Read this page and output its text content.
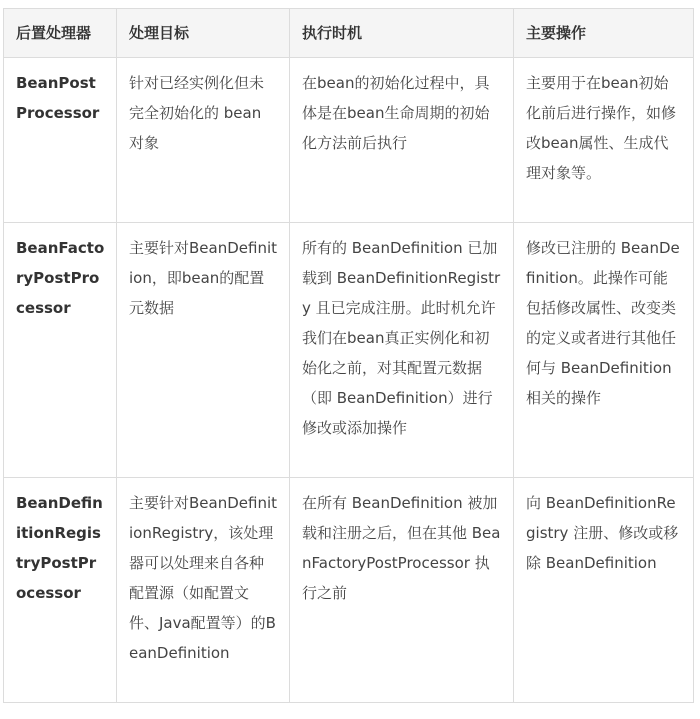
后置处理器	处理目标	执行时机	主要操作
BeanPostProcessor	针对已经实例化但未完全初始化的 bean 对象	在bean的初始化过程中，具体是在bean生命周期的初始化方法前后执行	主要用于在bean初始化前后进行操作，如修改bean属性、生成代理对象等。
BeanFactoryPostProcessor	主要针对BeanDefinition，即bean的配置元数据	所有的 BeanDefinition 已加载到 BeanDefinitionRegistry 且已完成注册。此时机允许我们在bean真正实例化和初始化之前，对其配置元数据（即 BeanDefinition）进行修改或添加操作	修改已注册的 BeanDefinition。此操作可能包括修改属性、改变类的定义或者进行其他任何与 BeanDefinition 相关的操作
BeanDefinitionRegistryPostProcessor	主要针对BeanDefinitionRegistry，该处理器可以处理来自各种配置源（如配置文件、Java配置等）的BeanDefinition	在所有 BeanDefinition 被加载和注册之后，但在其他 BeanFactoryPostProcessor 执行之前	向 BeanDefinitionRegistry 注册、修改或移除 BeanDefinition
